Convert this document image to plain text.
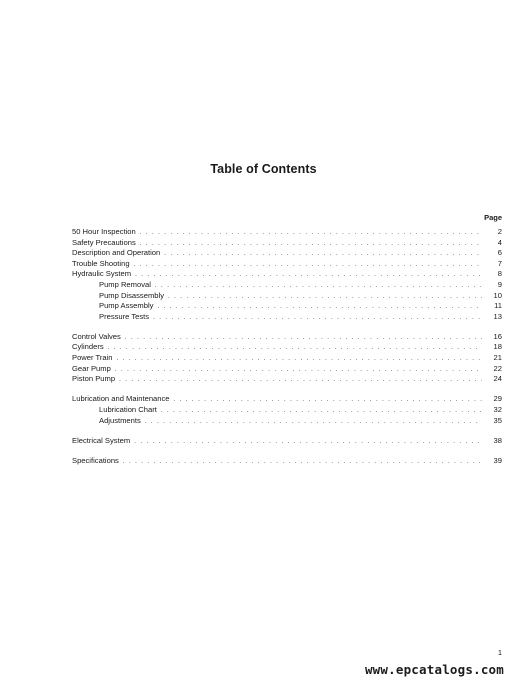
Table of Contents
Page
50 Hour Inspection . . .	2
Safety Precautions . . .	4
Description and Operation . . .	6
Trouble Shooting . . .	7
Hydraulic System . . .	8
Pump Removal . . .	9
Pump Disassembly . . .	10
Pump Assembly . . .	11
Pressure Tests . . .	13
Control Valves . . .	16
Cylinders . . .	18
Power Train . . .	21
Gear Pump . . .	22
Piston Pump . . .	24
Lubrication and Maintenance . . .	29
Lubrication Chart . . .	32
Adjustments . . .	35
Electrical System . . .	38
Specifications . . .	39
1
www.epcatalogs.com
